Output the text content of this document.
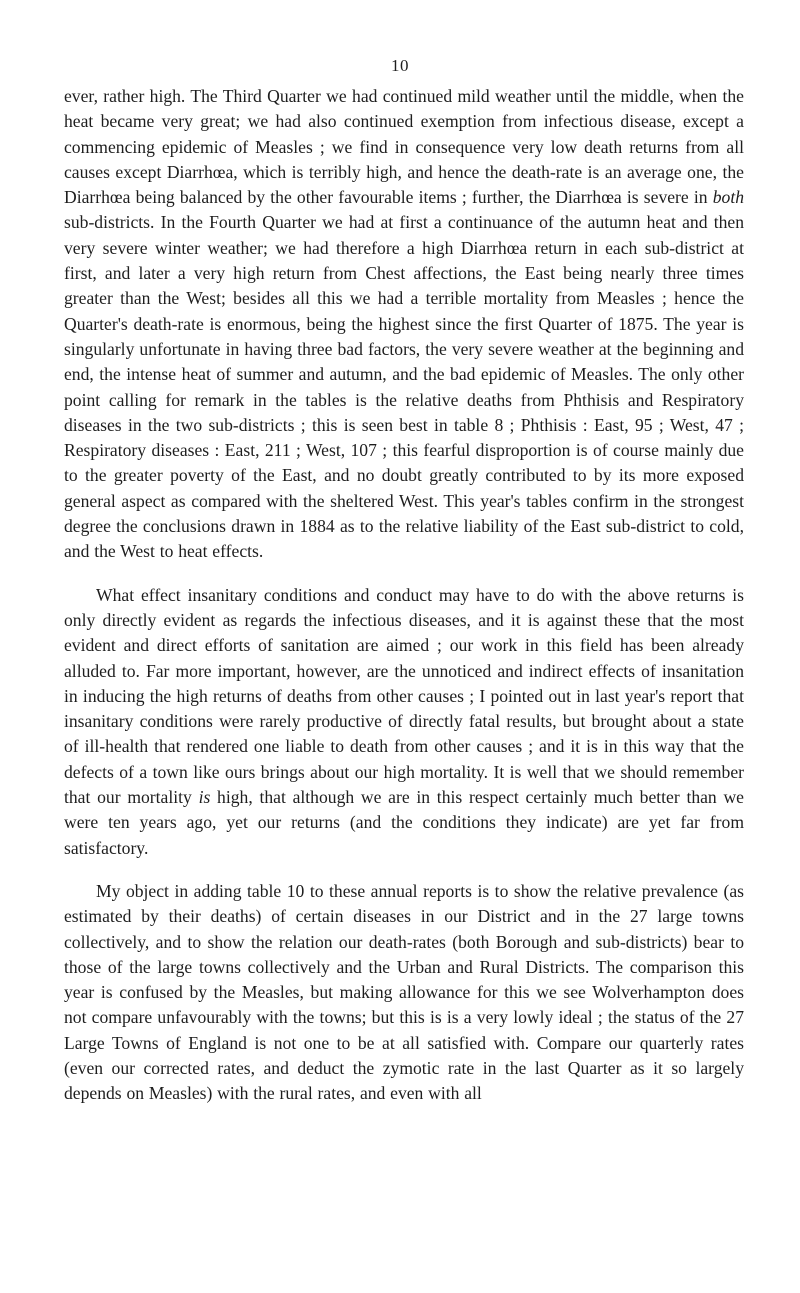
10

ever, rather high. The Third Quarter we had continued mild weather until the middle, when the heat became very great; we had also continued exemption from infectious disease, except a commencing epidemic of Measles ; we find in consequence very low death returns from all causes except Diarrhœa, which is terribly high, and hence the death-rate is an average one, the Diarrhœa being balanced by the other favourable items ; further, the Diarrhœa is severe in both sub-districts. In the Fourth Quarter we had at first a continuance of the autumn heat and then very severe winter weather; we had therefore a high Diarrhœa return in each sub-district at first, and later a very high return from Chest affections, the East being nearly three times greater than the West; besides all this we had a terrible mortality from Measles ; hence the Quarter's death-rate is enormous, being the highest since the first Quarter of 1875. The year is singularly unfortunate in having three bad factors, the very severe weather at the beginning and end, the intense heat of summer and autumn, and the bad epidemic of Measles. The only other point calling for remark in the tables is the relative deaths from Phthisis and Respiratory diseases in the two sub-districts ; this is seen best in table 8 ; Phthisis : East, 95 ; West, 47 ; Respiratory diseases : East, 211 ; West, 107 ; this fearful disproportion is of course mainly due to the greater poverty of the East, and no doubt greatly contributed to by its more exposed general aspect as compared with the sheltered West. This year's tables confirm in the strongest degree the conclusions drawn in 1884 as to the relative liability of the East sub-district to cold, and the West to heat effects.

What effect insanitary conditions and conduct may have to do with the above returns is only directly evident as regards the infectious diseases, and it is against these that the most evident and direct efforts of sanitation are aimed ; our work in this field has been already alluded to. Far more important, however, are the unnoticed and indirect effects of insanitation in inducing the high returns of deaths from other causes ; I pointed out in last year's report that insanitary conditions were rarely productive of directly fatal results, but brought about a state of ill-health that rendered one liable to death from other causes ; and it is in this way that the defects of a town like ours brings about our high mortality. It is well that we should remember that our mortality is high, that although we are in this respect certainly much better than we were ten years ago, yet our returns (and the conditions they indicate) are yet far from satisfactory.

My object in adding table 10 to these annual reports is to show the relative prevalence (as estimated by their deaths) of certain diseases in our District and in the 27 large towns collectively, and to show the relation our death-rates (both Borough and sub-districts) bear to those of the large towns collectively and the Urban and Rural Districts. The comparison this year is confused by the Measles, but making allowance for this we see Wolverhampton does not compare unfavourably with the towns; but this is is a very lowly ideal ; the status of the 27 Large Towns of England is not one to be at all satisfied with. Compare our quarterly rates (even our corrected rates, and deduct the zymotic rate in the last Quarter as it so largely depends on Measles) with the rural rates, and even with all
